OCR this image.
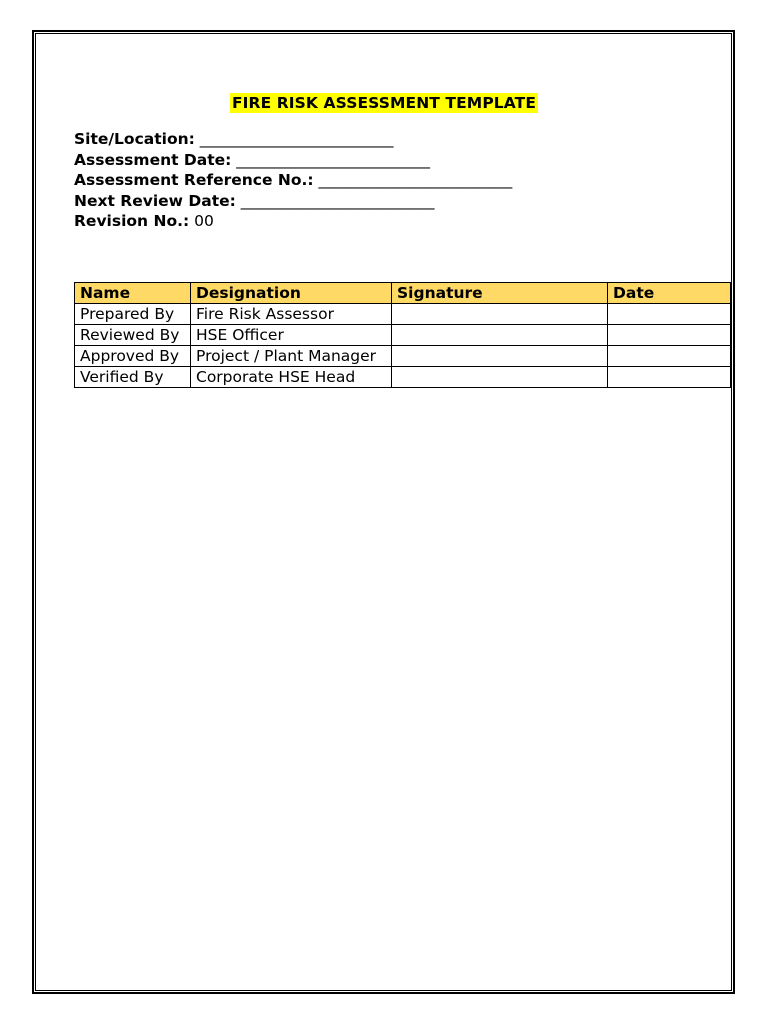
FIRE RISK ASSESSMENT TEMPLATE
Site/Location: _________________________
Assessment Date: _________________________
Assessment Reference No.: _________________________
Next Review Date: _________________________
Revision No.: 00
Name	Designation	Signature	Date
Prepared By	Fire Risk Assessor		
Reviewed By	HSE Officer		
Approved By	Project / Plant Manager		
Verified By	Corporate HSE Head		
